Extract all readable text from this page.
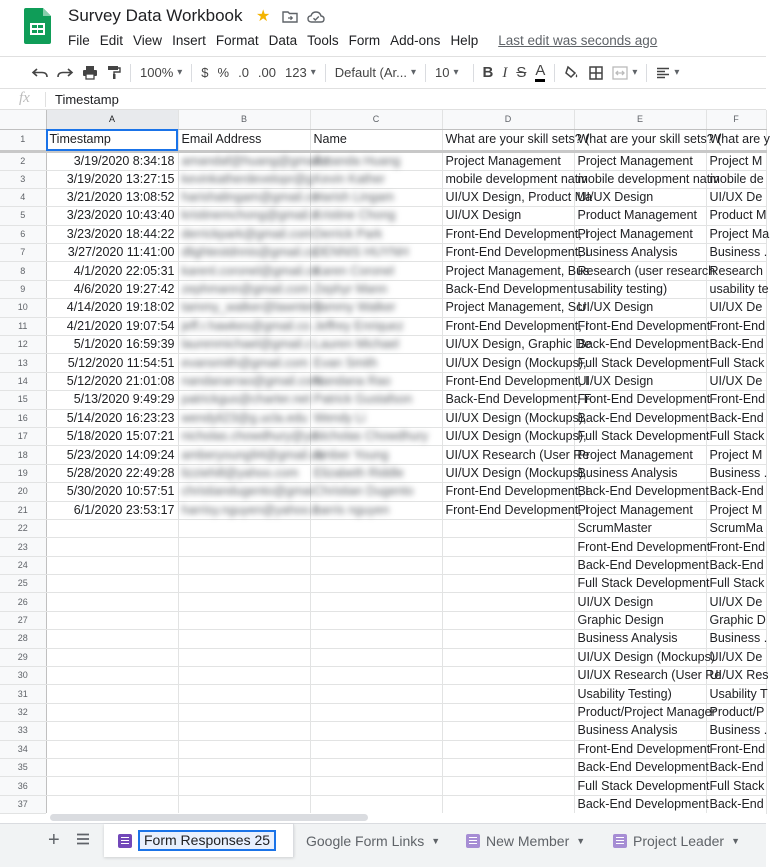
Survey Data Workbook ★
File Edit View Insert Format Data Tools Form Add-ons Help Last edit was seconds ago
100% ▾	$ % .0 .00 123 ▾	Default (Ar... ▾	10 ▾	B I S A
▾
▾
fx Timestamp
	A	B	C	D	E	F
1	Timestamp	Email Address	Name	What are your skill sets? (	What are your skill sets? (	What are y
2	3/19/2020 8:34:18	amandaf@huang@gmail.c	Amanda Huang	Project Management	Project Management	Project M
3	3/19/2020 13:27:15	kevinkatherdevelopr@g	Kevin Kather	mobile development nativ	mobile development nativ	mobile de
4	3/21/2020 13:08:52	harishalingam@gmail.co	Harish Lingam	UI/UX Design, Product Ma	UI/UX Design	UI/UX De
5	3/23/2020 10:43:40	kristinemchong@gmail.c	Kristine Chong	UI/UX Design	Product Management	Product M
6	3/23/2020 18:44:22	derrickpark@gmail.com	Derrick Park	Front-End Development, I	Project Management	Project Ma
7	3/27/2020 11:41:00	dlightestdnnis@gmail.co	DENNIS HUYNH	Front-End Development, I	Business Analysis	Business .
8	4/1/2020 22:05:31	karenl.coronel@gmail.co	Karen Coronel	Project Management, Bus	Research (user research	Research
9	4/6/2020 19:27:42	zephmann@gmail.com	Zephyr Mann	Back-End Development	usability testing)	usability te
10	4/14/2020 19:18:02	tammy_walker@lawntery	Tammy Walker	Project Management, Scr	UI/UX Design	UI/UX De
11	4/21/2020 19:07:54	jeff.r.hawkes@gmail.co	Jeffrey Enriquez	Front-End Development, I	Front-End Development	Front-End
12	5/1/2020 16:59:39	laurenmichael@gmail.c	Lauren Michael	UI/UX Design, Graphic De	Back-End Development	Back-End
13	5/12/2020 11:54:51	evansmith@gmail.com	Evan Smith	UI/UX Design (Mockups),	Full Stack Development	Full Stack
14	5/12/2020 21:01:08	nandanarrao@gmail.com	Nandana Rao	Front-End Development, I	UI/UX Design	UI/UX De
15	5/13/2020 9:49:29	patrickgus@charter.net	Patrick Gustafson	Back-End Development, F	Front-End Development	Front-End
16	5/14/2020 16:23:23	wendyli23@g.ucla.edu	Wendy Li	UI/UX Design (Mockups),	Back-End Development	Back-End
17	5/18/2020 15:07:21	nicholas.chowdhury@ya	Nicholas Chowdhury	UI/UX Design (Mockups),	Full Stack Development	Full Stack
18	5/23/2020 14:09:24	amberyoung94@gmail.co	Amber Young	UI/UX Research (User Re	Project Management	Project M
19	5/28/2020 22:49:28	lizziehill@yahoo.com	Elizabeth Riddle	UI/UX Design (Mockups),	Business Analysis	Business .
20	5/30/2020 10:57:51	christiandugento@gmai	Christian Dugento	Front-End Development, I	Back-End Development	Back-End
21	6/1/2020 23:53:17	harrisy.nguyen@yahoo.c	harris nguyen	Front-End Development, I	Project Management	Project M
22					ScrumMaster	ScrumMa
23					Front-End Development	Front-End
24					Back-End Development	Back-End
25					Full Stack Development	Full Stack
26					UI/UX Design	UI/UX De
27					Graphic Design	Graphic D
28					Business Analysis	Business .
29					UI/UX Design (Mockups)	UI/UX De
30					UI/UX Research (User Re	UI/UX Res
31					Usability Testing)	Usability T
32					Product/Project Manager	Product/P
33					Business Analysis	Business .
34					Front-End Development	Front-End
35					Back-End Development	Back-End
36					Full Stack Development	Full Stack
37					Back-End Development	Back-End
+	Form Responses 25	Google Form Links ▼	New Member ▼	Project Leader ▼
